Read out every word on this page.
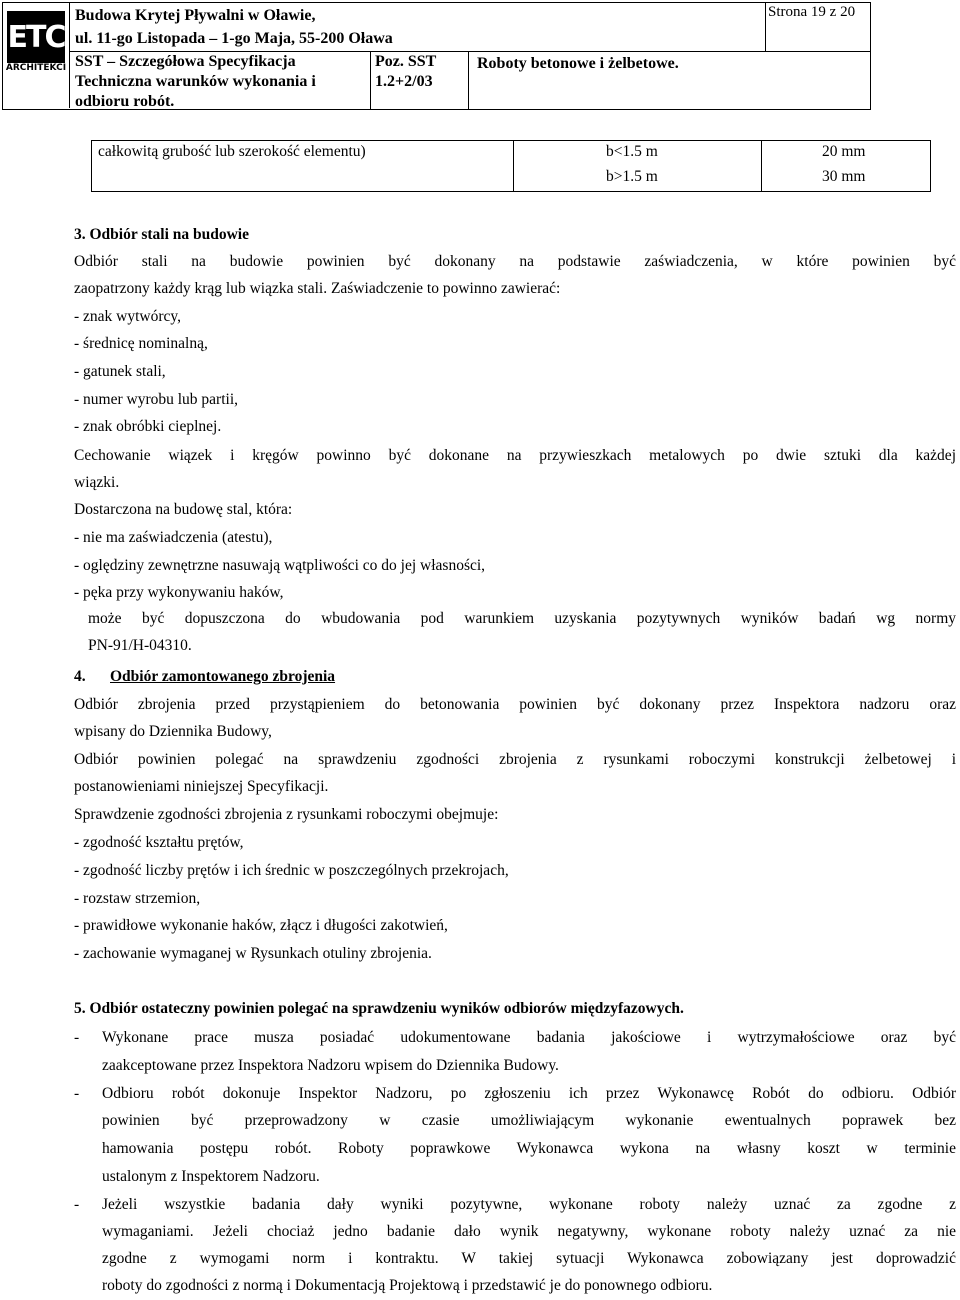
ETC
ARCHITEKCI
Budowa Krytej Pływalni w Oławie,
ul. 11-go Listopada – 1-go Maja, 55-200 Oława
SST – Szczegółowa Specyfikacja
Techniczna warunków wykonania i
odbioru robót.
Poz. SST
1.2+2/03
Roboty betonowe i żelbetowe.
Strona 19 z 20
całkowitą grubość lub szerokość elementu)	b<1.5 m
b>1.5 m
20 mm
30 mm
3. Odbiór stali na budowie
Odbiór stali na budowie powinien być dokonany na podstawie zaświadczenia, w które powinien być
zaopatrzony każdy krąg lub wiązka stali. Zaświadczenie to powinno zawierać:
- znak wytwórcy,
- średnicę nominalną,
- gatunek stali,
- numer wyrobu lub partii,
- znak obróbki cieplnej.
Cechowanie wiązek i kręgów powinno być dokonane na przywieszkach metalowych po dwie sztuki dla każdej
wiązki.
Dostarczona na budowę stal, która:
- nie ma zaświadczenia (atestu),
- oględziny zewnętrzne nasuwają wątpliwości co do jej własności,
- pęka przy wykonywaniu haków,
może być dopuszczona do wbudowania pod warunkiem uzyskania pozytywnych wyników badań wg normy
PN-91/H-04310.
4. Odbiór zamontowanego zbrojenia
Odbiór zbrojenia przed przystąpieniem do betonowania powinien być dokonany przez Inspektora nadzoru oraz
wpisany do Dziennika Budowy,
Odbiór powinien polegać na sprawdzeniu zgodności zbrojenia z rysunkami roboczymi konstrukcji żelbetowej i
postanowieniami niniejszej Specyfikacji.
Sprawdzenie zgodności zbrojenia z rysunkami roboczymi obejmuje:
- zgodność kształtu prętów,
- zgodność liczby prętów i ich średnic w poszczególnych przekrojach,
- rozstaw strzemion,
- prawidłowe wykonanie haków, złącz i długości zakotwień,
- zachowanie wymaganej w Rysunkach otuliny zbrojenia.
5. Odbiór ostateczny powinien polegać na sprawdzeniu wyników odbiorów międzyfazowych.
- Wykonane prace musza posiadać udokumentowane badania jakościowe i wytrzymałościowe oraz być
zaakceptowane przez Inspektora Nadzoru wpisem do Dziennika Budowy.
- Odbioru robót dokonuje Inspektor Nadzoru, po zgłoszeniu ich przez Wykonawcę Robót do odbioru. Odbiór
powinien być przeprowadzony w czasie umożliwiającym wykonanie ewentualnych poprawek bez
hamowania postępu robót. Roboty poprawkowe Wykonawca wykona na własny koszt w terminie
ustalonym z Inspektorem Nadzoru.
- Jeżeli wszystkie badania dały wyniki pozytywne, wykonane roboty należy uznać za zgodne z
wymaganiami. Jeżeli chociaż jedno badanie dało wynik negatywny, wykonane roboty należy uznać za nie
zgodne z wymogami norm i kontraktu. W takiej sytuacji Wykonawca zobowiązany jest doprowadzić
roboty do zgodności z normą i Dokumentacją Projektową i przedstawić je do ponownego odbioru.
